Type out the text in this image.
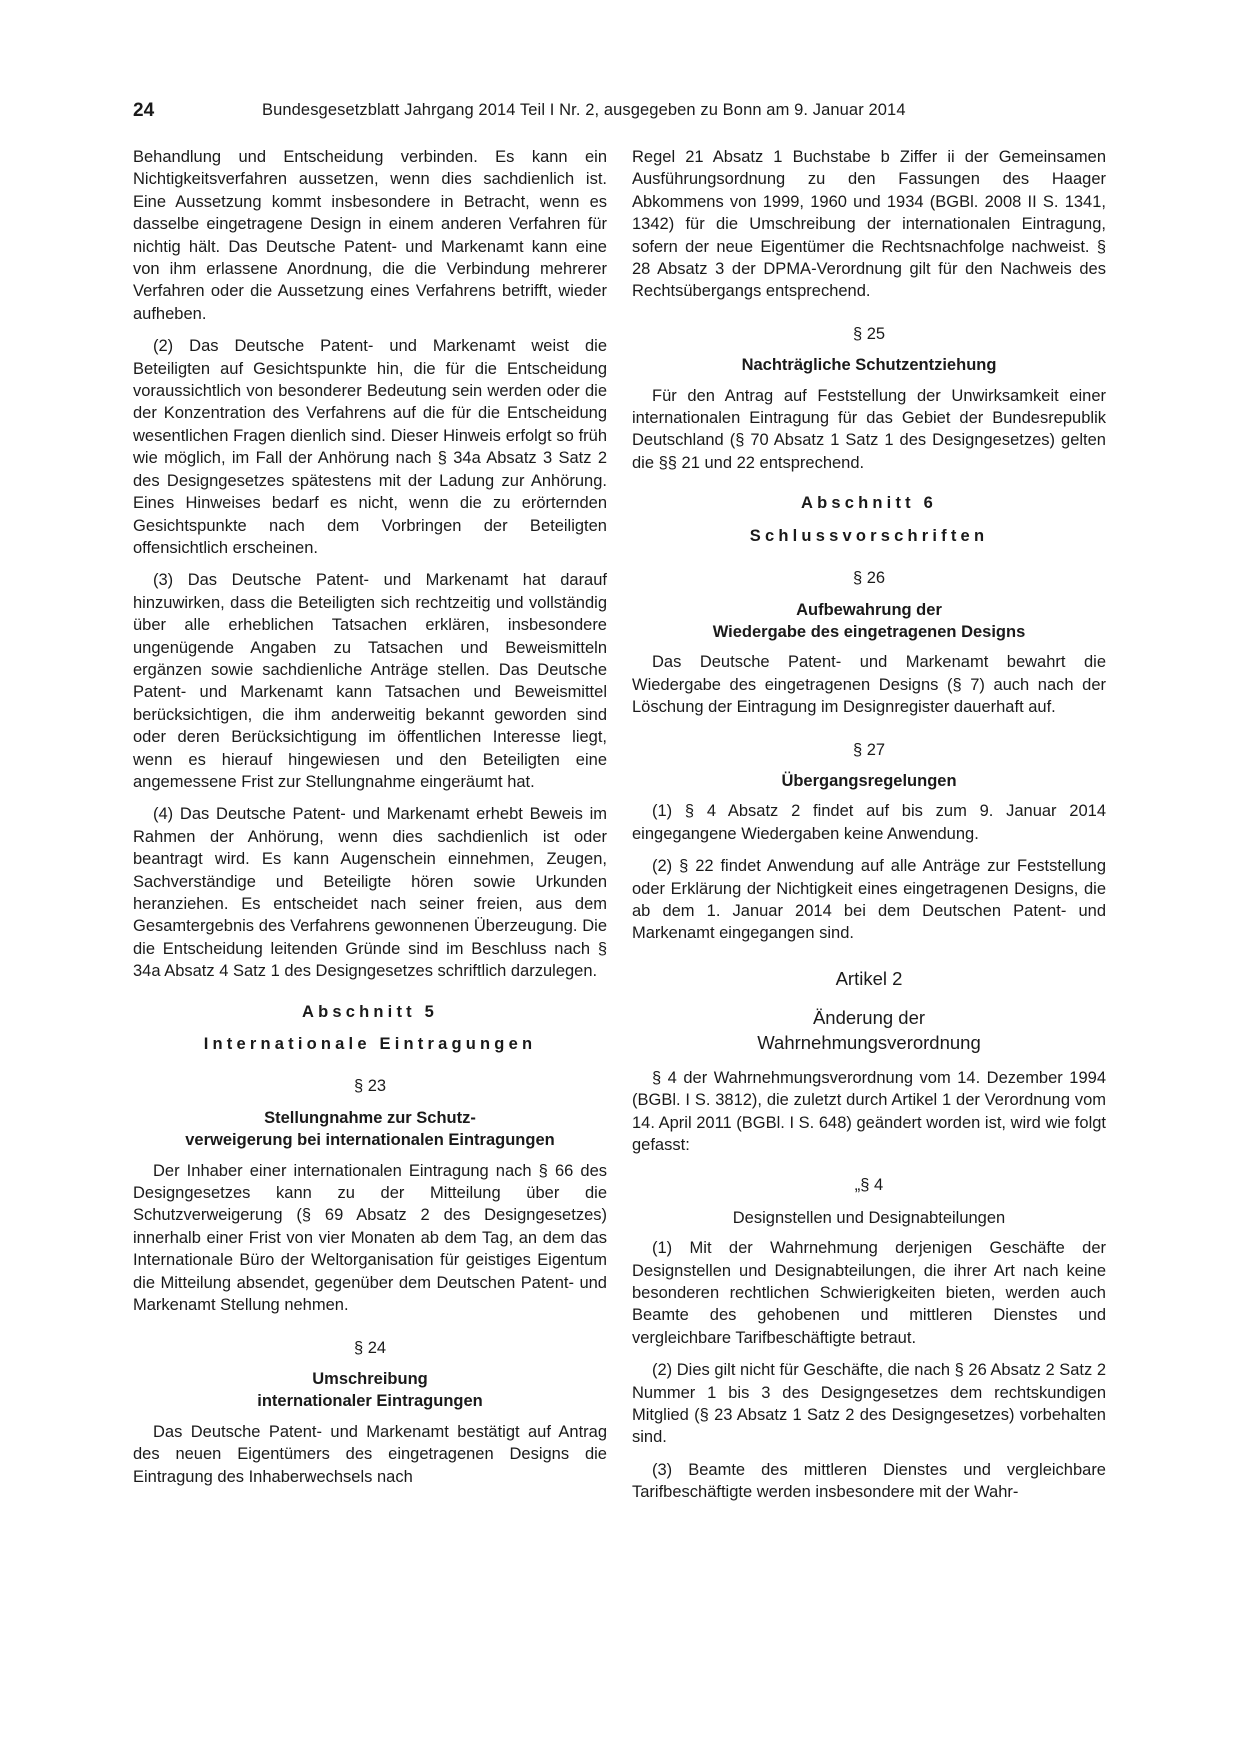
24	Bundesgesetzblatt Jahrgang 2014 Teil I Nr. 2, ausgegeben zu Bonn am 9. Januar 2014

Behandlung und Entscheidung verbinden. Es kann ein Nichtigkeitsverfahren aussetzen, wenn dies sachdienlich ist. Eine Aussetzung kommt insbesondere in Betracht, wenn es dasselbe eingetragene Design in einem anderen Verfahren für nichtig hält. Das Deutsche Patent- und Markenamt kann eine von ihm erlassene Anordnung, die die Verbindung mehrerer Verfahren oder die Aussetzung eines Verfahrens betrifft, wieder aufheben.

(2) Das Deutsche Patent- und Markenamt weist die Beteiligten auf Gesichtspunkte hin, die für die Entscheidung voraussichtlich von besonderer Bedeutung sein werden oder die der Konzentration des Verfahrens auf die für die Entscheidung wesentlichen Fragen dienlich sind. Dieser Hinweis erfolgt so früh wie möglich, im Fall der Anhörung nach § 34a Absatz 3 Satz 2 des Designgesetzes spätestens mit der Ladung zur Anhörung. Eines Hinweises bedarf es nicht, wenn die zu erörternden Gesichtspunkte nach dem Vorbringen der Beteiligten offensichtlich erscheinen.

(3) Das Deutsche Patent- und Markenamt hat darauf hinzuwirken, dass die Beteiligten sich rechtzeitig und vollständig über alle erheblichen Tatsachen erklären, insbesondere ungenügende Angaben zu Tatsachen und Beweismitteln ergänzen sowie sachdienliche Anträge stellen. Das Deutsche Patent- und Markenamt kann Tatsachen und Beweismittel berücksichtigen, die ihm anderweitig bekannt geworden sind oder deren Berücksichtigung im öffentlichen Interesse liegt, wenn es hierauf hingewiesen und den Beteiligten eine angemessene Frist zur Stellungnahme eingeräumt hat.

(4) Das Deutsche Patent- und Markenamt erhebt Beweis im Rahmen der Anhörung, wenn dies sachdienlich ist oder beantragt wird. Es kann Augenschein einnehmen, Zeugen, Sachverständige und Beteiligte hören sowie Urkunden heranziehen. Es entscheidet nach seiner freien, aus dem Gesamtergebnis des Verfahrens gewonnenen Überzeugung. Die die Entscheidung leitenden Gründe sind im Beschluss nach § 34a Absatz 4 Satz 1 des Designgesetzes schriftlich darzulegen.

Abschnitt 5
Internationale Eintragungen
§ 23
Stellungnahme zur Schutz-
verweigerung bei internationalen Eintragungen

Der Inhaber einer internationalen Eintragung nach § 66 des Designgesetzes kann zu der Mitteilung über die Schutzverweigerung (§ 69 Absatz 2 des Designgesetzes) innerhalb einer Frist von vier Monaten ab dem Tag, an dem das Internationale Büro der Weltorganisation für geistiges Eigentum die Mitteilung absendet, gegenüber dem Deutschen Patent- und Markenamt Stellung nehmen.

§ 24
Umschreibung
internationaler Eintragungen

Das Deutsche Patent- und Markenamt bestätigt auf Antrag des neuen Eigentümers des eingetragenen Designs die Eintragung des Inhaberwechsels nach

Regel 21 Absatz 1 Buchstabe b Ziffer ii der Gemeinsamen Ausführungsordnung zu den Fassungen des Haager Abkommens von 1999, 1960 und 1934 (BGBl. 2008 II S. 1341, 1342) für die Umschreibung der internationalen Eintragung, sofern der neue Eigentümer die Rechtsnachfolge nachweist. § 28 Absatz 3 der DPMA-Verordnung gilt für den Nachweis des Rechtsübergangs entsprechend.

§ 25
Nachträgliche Schutzentziehung

Für den Antrag auf Feststellung der Unwirksamkeit einer internationalen Eintragung für das Gebiet der Bundesrepublik Deutschland (§ 70 Absatz 1 Satz 1 des Designgesetzes) gelten die §§ 21 und 22 entsprechend.

Abschnitt 6
Schlussvorschriften
§ 26
Aufbewahrung der
Wiedergabe des eingetragenen Designs

Das Deutsche Patent- und Markenamt bewahrt die Wiedergabe des eingetragenen Designs (§ 7) auch nach der Löschung der Eintragung im Designregister dauerhaft auf.

§ 27
Übergangsregelungen

(1) § 4 Absatz 2 findet auf bis zum 9. Januar 2014 eingegangene Wiedergaben keine Anwendung.

(2) § 22 findet Anwendung auf alle Anträge zur Feststellung oder Erklärung der Nichtigkeit eines eingetragenen Designs, die ab dem 1. Januar 2014 bei dem Deutschen Patent- und Markenamt eingegangen sind.

Artikel 2
Änderung der
Wahrnehmungsverordnung

§ 4 der Wahrnehmungsverordnung vom 14. Dezember 1994 (BGBl. I S. 3812), die zuletzt durch Artikel 1 der Verordnung vom 14. April 2011 (BGBl. I S. 648) geändert worden ist, wird wie folgt gefasst:

„§ 4
Designstellen und Designabteilungen

(1) Mit der Wahrnehmung derjenigen Geschäfte der Designstellen und Designabteilungen, die ihrer Art nach keine besonderen rechtlichen Schwierigkeiten bieten, werden auch Beamte des gehobenen und mittleren Dienstes und vergleichbare Tarifbeschäftigte betraut.

(2) Dies gilt nicht für Geschäfte, die nach § 26 Absatz 2 Satz 2 Nummer 1 bis 3 des Designgesetzes dem rechtskundigen Mitglied (§ 23 Absatz 1 Satz 2 des Designgesetzes) vorbehalten sind.

(3) Beamte des mittleren Dienstes und vergleichbare Tarifbeschäftigte werden insbesondere mit der Wahr-
